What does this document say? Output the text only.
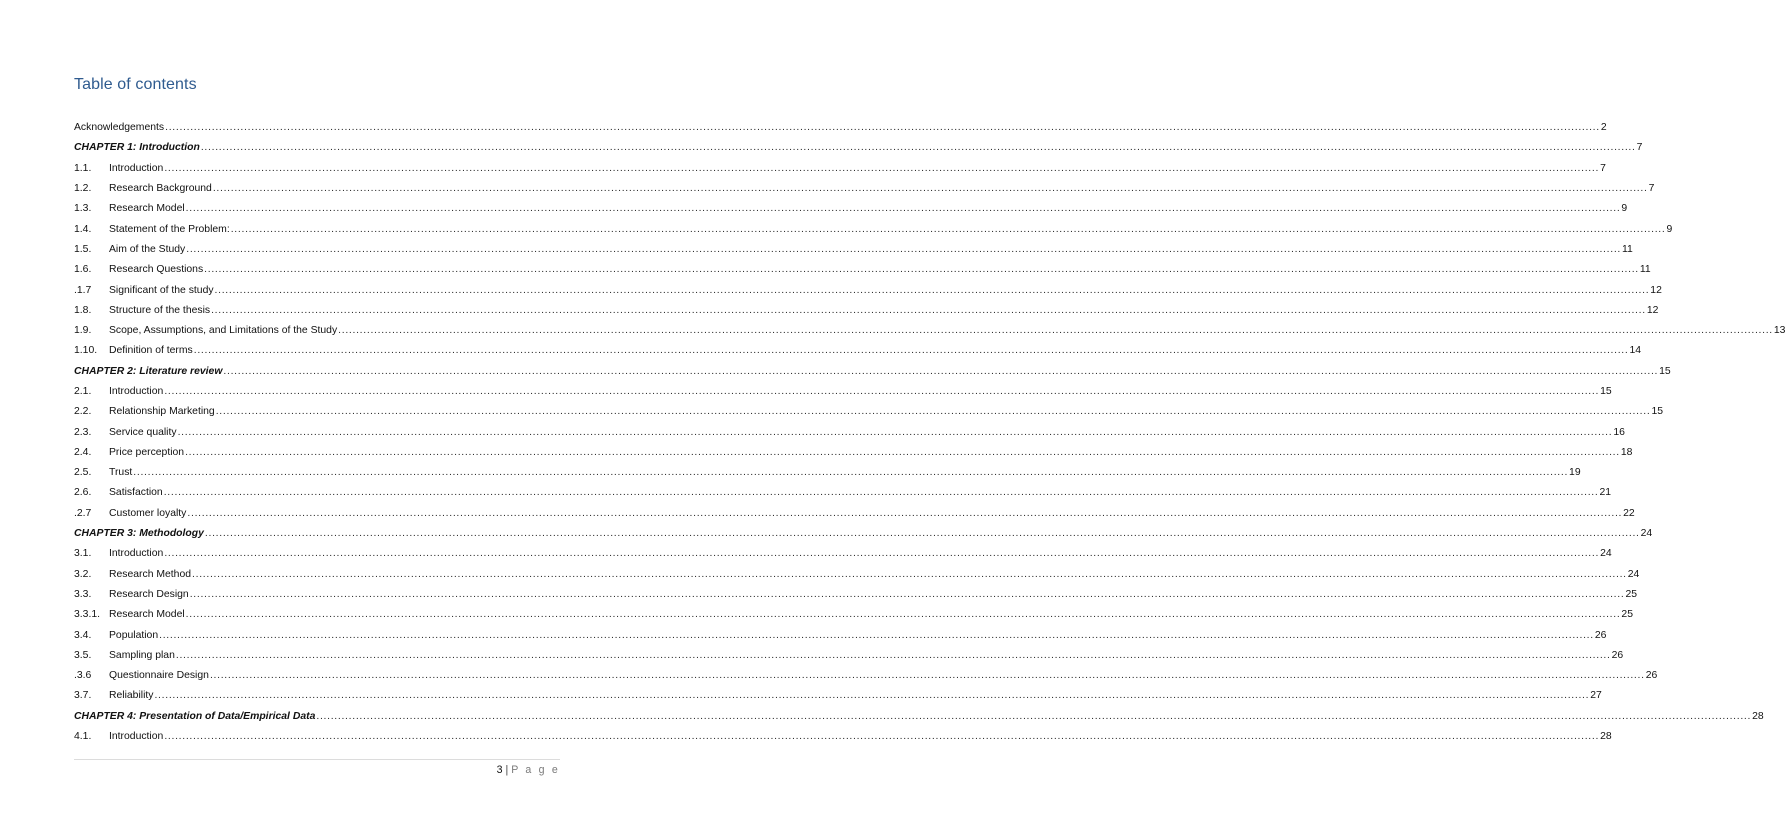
Table of contents
Acknowledgements ................................................................................................................................................................................................................................................................................................................................................................................................................ 2
CHAPTER 1: Introduction ................................................................................................................................................................................................................................................................................................................................................................................................................ 7
1.1.	Introduction ................................................................................................................................................................................................................................................................................................................................................................................................................ 7
1.2.	Research Background ................................................................................................................................................................................................................................................................................................................................................................................................................ 7
1.3.	Research Model ................................................................................................................................................................................................................................................................................................................................................................................................................ 9
1.4.	Statement of the Problem: ................................................................................................................................................................................................................................................................................................................................................................................................................ 9
1.5.	Aim of the Study ................................................................................................................................................................................................................................................................................................................................................................................................................ 11
1.6.	Research Questions ................................................................................................................................................................................................................................................................................................................................................................................................................ 11
.1.7	Significant of the study ................................................................................................................................................................................................................................................................................................................................................................................................................ 12
1.8.	Structure of the thesis ................................................................................................................................................................................................................................................................................................................................................................................................................ 12
1.9.	Scope, Assumptions, and Limitations of the Study ................................................................................................................................................................................................................................................................................................................................................................................................................ 13
1.10.	Definition of terms ................................................................................................................................................................................................................................................................................................................................................................................................................ 14
CHAPTER 2: Literature review ................................................................................................................................................................................................................................................................................................................................................................................................................ 15
2.1.	Introduction ................................................................................................................................................................................................................................................................................................................................................................................................................ 15
2.2.	Relationship Marketing ................................................................................................................................................................................................................................................................................................................................................................................................................ 15
2.3.	Service quality ................................................................................................................................................................................................................................................................................................................................................................................................................ 16
2.4.	Price perception ................................................................................................................................................................................................................................................................................................................................................................................................................ 18
2.5.	Trust ................................................................................................................................................................................................................................................................................................................................................................................................................ 19
2.6.	Satisfaction ................................................................................................................................................................................................................................................................................................................................................................................................................ 21
.2.7	Customer loyalty ................................................................................................................................................................................................................................................................................................................................................................................................................ 22
CHAPTER 3: Methodology ................................................................................................................................................................................................................................................................................................................................................................................................................ 24
3.1.	Introduction ................................................................................................................................................................................................................................................................................................................................................................................................................ 24
3.2.	Research Method ................................................................................................................................................................................................................................................................................................................................................................................................................ 24
3.3.	Research Design ................................................................................................................................................................................................................................................................................................................................................................................................................ 25
3.3.1. Research Model ................................................................................................................................................................................................................................................................................................................................................................................................................ 25
3.4.	Population ................................................................................................................................................................................................................................................................................................................................................................................................................ 26
3.5.	Sampling plan ................................................................................................................................................................................................................................................................................................................................................................................................................ 26
.3.6	Questionnaire Design ................................................................................................................................................................................................................................................................................................................................................................................................................ 26
3.7.	Reliability ................................................................................................................................................................................................................................................................................................................................................................................................................ 27
CHAPTER 4: Presentation of Data/Empirical Data ................................................................................................................................................................................................................................................................................................................................................................................................................ 28
4.1.	Introduction ................................................................................................................................................................................................................................................................................................................................................................................................................ 28
3 | P a g e
